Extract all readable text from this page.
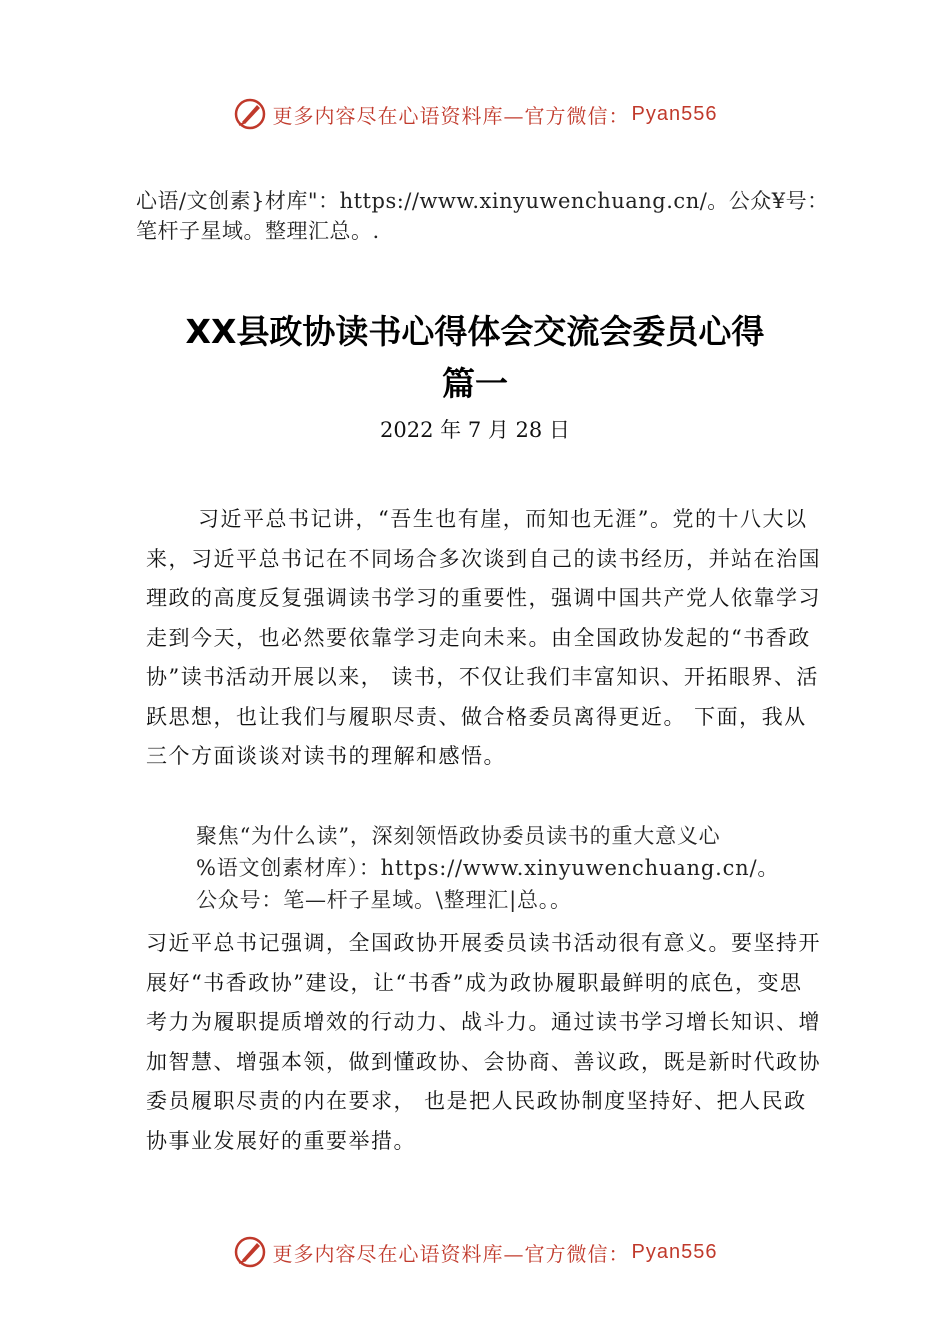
更多内容尽在心语资料库—官方微信： Pyan556
心语/文创素}材库"：https://www.xinyuwenchuang.cn/。公众¥号：笔杆子星域。整理汇总。.
XX县政协读书心得体会交流会委员心得
篇一
2022 年 7 月 28 日

习近平总书记讲，“吾生也有崖，而知也无涯”。党的十八大以来，习近平总书记在不同场合多次谈到自己的读书经历，并站在治国理政的高度反复强调读书学习的重要性，强调中国共产党人依靠学习走到今天，也必然要依靠学习走向未来。由全国政协发起的“书香政协”读书活动开展以来， 读书，不仅让我们丰富知识、开拓眼界、活跃思想，也让我们与履职尽责、做合格委员离得更近。 下面，我从三个方面谈谈对读书的理解和感悟。

聚焦“为什么读”，深刻领悟政协委员读书的重大意义心
%语文创素材库）：https://www.xinyuwenchuang.cn/。
公众号：笔—杆子星域。\整理汇|总。。

习近平总书记强调，全国政协开展委员读书活动很有意义。要坚持开展好“书香政协”建设，让“书香”成为政协履职最鲜明的底色，变思考力为履职提质增效的行动力、战斗力。通过读书学习增长知识、增加智慧、增强本领，做到懂政协、会协商、善议政，既是新时代政协委员履职尽责的内在要求， 也是把人民政协制度坚持好、把人民政协事业发展好的重要举措。

更多内容尽在心语资料库—官方微信： Pyan556
